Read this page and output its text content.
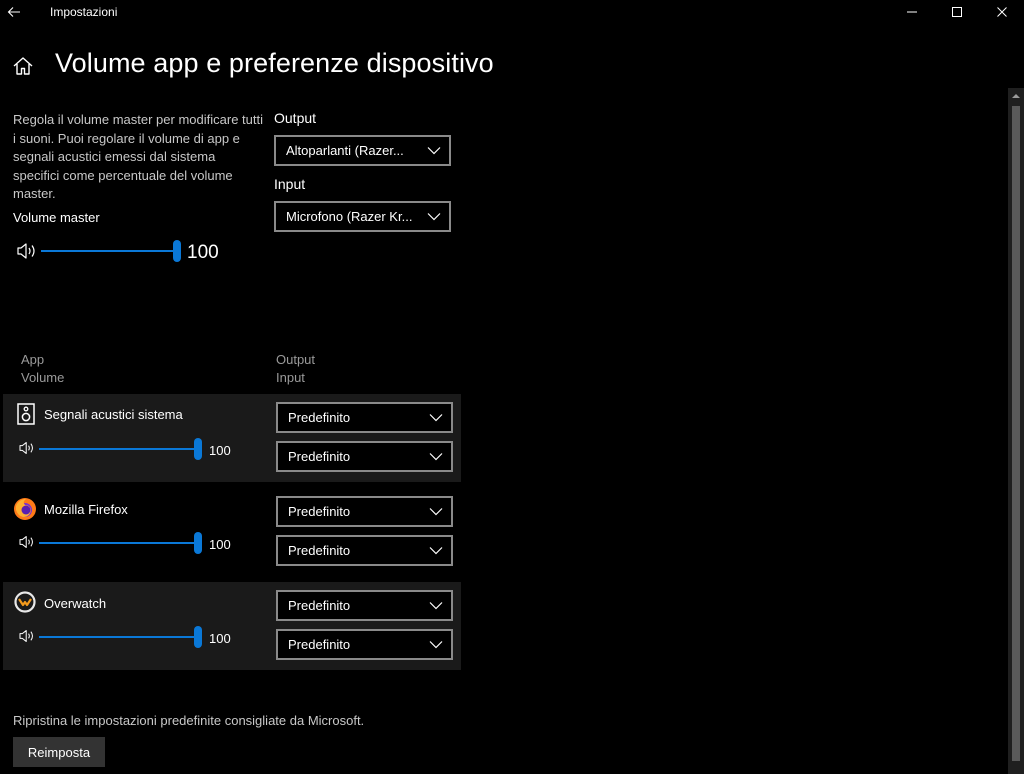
Impostazioni
Volume app e preferenze dispositivo
Regola il volume master per modificare tutti i suoni. Puoi regolare il volume di app e segnali acustici emessi dal sistema specifici come percentuale del volume master.
Volume master
100
Output
Altoparlanti (Razer...
Input
Microfono (Razer Kr...
App
Volume
Output
Input
Segnali acustici sistema
100
Predefinito
Predefinito
Mozilla Firefox
100
Predefinito
Predefinito
Overwatch
100
Predefinito
Predefinito
Ripristina le impostazioni predefinite consigliate da Microsoft.
Reimposta
